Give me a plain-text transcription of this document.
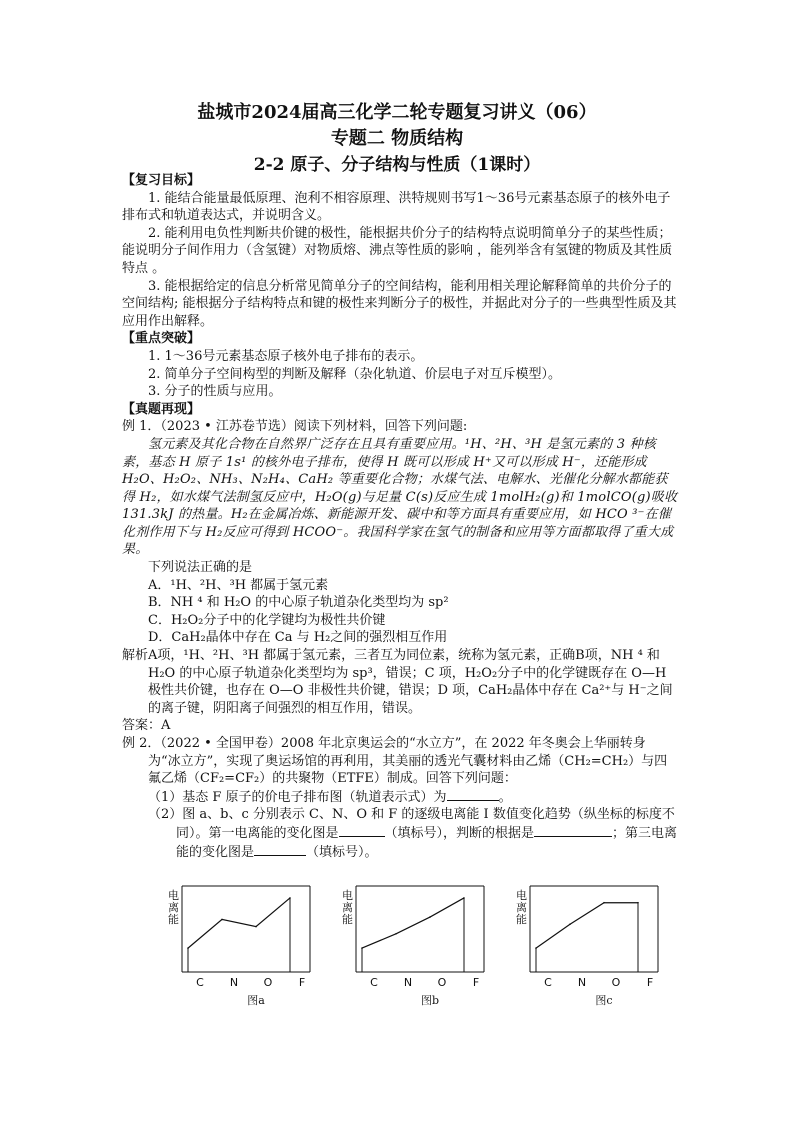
盐城市2024届高三化学二轮专题复习讲义（06）
专题二 物质结构
2-2 原子、分子结构与性质（1课时）

【复习目标】

1. 能结合能量最低原理、泡利不相容原理、洪特规则书写1～36号元素基态原子的核外电子排布式和轨道表达式，并说明含义。

2. 能利用电负性判断共价键的极性，能根据共价分子的结构特点说明简单分子的某些性质；能说明分子间作用力（含氢键）对物质熔、沸点等性质的影响 ，能列举含有氢键的物质及其性质特点 。

3. 能根据给定的信息分析常见简单分子的空间结构，能利用相关理论解释简单的共价分子的空间结构; 能根据分子结构特点和键的极性来判断分子的极性，并据此对分子的一些典型性质及其应用作出解释。

【重点突破】

1. 1～36号元素基态原子核外电子排布的表示。

2. 简单分子空间构型的判断及解释（杂化轨道、价层电子对互斥模型）。

3. 分子的性质与应用。

【真题再现】

例 1．（2023 • 江苏卷节选）阅读下列材料，回答下列问题:

氢元素及其化合物在自然界广泛存在且具有重要应用。¹H、²H、³H 是氢元素的 3 种核素，基态 H 原子 1s¹ 的核外电子排布，使得 H 既可以形成 H⁺又可以形成 H⁻，还能形成 H₂O、H₂O₂、NH₃、N₂H₄、CaH₂ 等重要化合物；水煤气法、电解水、光催化分解水都能获得 H₂，如水煤气法制氢反应中，H₂O(g)与足量 C(s)反应生成 1molH₂(g)和 1molCO(g)吸收 131.3kJ 的热量。H₂在金属冶炼、新能源开发、碳中和等方面具有重要应用，如 HCO ³⁻在催化剂作用下与 H₂反应可得到 HCOO⁻。我国科学家在氢气的制备和应用等方面都取得了重大成果。

下列说法正确的是

A．¹H、²H、³H 都属于氢元素

B．NH ⁴ 和 H₂O 的中心原子轨道杂化类型均为 sp²

C．H₂O₂分子中的化学键均为极性共价键

D．CaH₂晶体中存在 Ca 与 H₂之间的强烈相互作用

解析A项，¹H、²H、³H 都属于氢元素，三者互为同位素，统称为氢元素，正确B项，NH ⁴ 和 H₂O 的中心原子轨道杂化类型均为 sp³，错误；C 项，H₂O₂分子中的化学键既存在 O—H 极性共价键，也存在 O—O 非极性共价键，错误；D 项，CaH₂晶体中存在 Ca²⁺与 H⁻之间的离子键，阴阳离子间强烈的相互作用，错误。

答案：A

例 2．（2022 • 全国甲卷）2008 年北京奥运会的“水立方”，在 2022 年冬奥会上华丽转身为“冰立方”，实现了奥运场馆的再利用，其美丽的透光气囊材料由乙烯（CH₂=CH₂）与四氟乙烯（CF₂=CF₂）的共聚物（ETFE）制成。回答下列问题：

（1）基态 F 原子的价电子排布图（轨道表示式）为	。

（2）图 a、b、c 分别表示 C、N、O 和 F 的逐级电离能 I 数值变化趋势（纵坐标的标度不同）。第一电离能的变化图是	（填标号），判断的根据是	；第三电离能的变化图是	（填标号）。

电离能
C	N	O	F
图a
电离能
C	N	O	F
图b
电离能
C	N	O	F
图c
